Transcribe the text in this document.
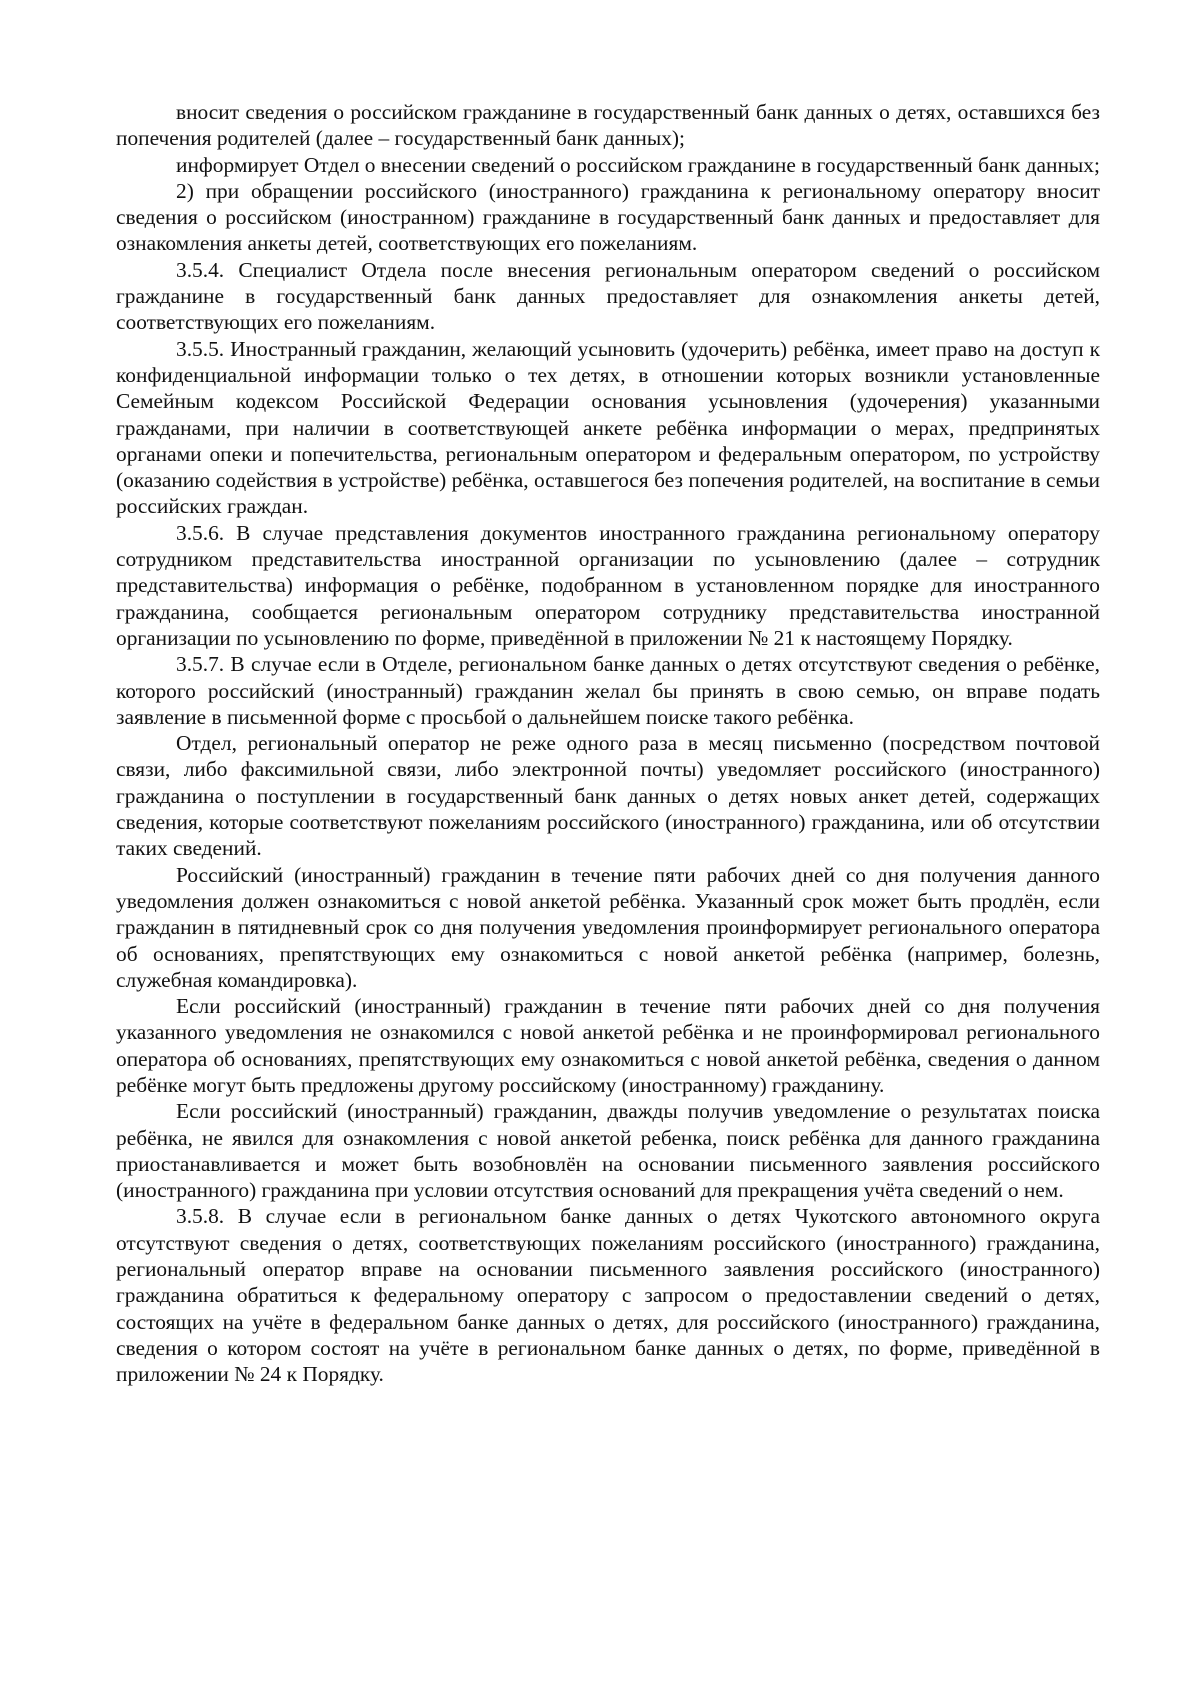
вносит сведения о российском гражданине в государственный банк данных о детях, оставшихся без попечения родителей (далее – государственный банк данных);

информирует Отдел о внесении сведений о российском гражданине в государственный банк данных;

2) при обращении российского (иностранного) гражданина к региональному оператору вносит сведения о российском (иностранном) гражданине в государственный банк данных и предоставляет для ознакомления анкеты детей, соответствующих его пожеланиям.

3.5.4. Специалист Отдела после внесения региональным оператором сведений о российском гражданине в государственный банк данных предоставляет для ознакомления анкеты детей, соответствующих его пожеланиям.

3.5.5. Иностранный гражданин, желающий усыновить (удочерить) ребёнка, имеет право на доступ к конфиденциальной информации только о тех детях, в отношении которых возникли установленные Семейным кодексом Российской Федерации основания усыновления (удочерения) указанными гражданами, при наличии в соответствующей анкете ребёнка информации о мерах, предпринятых органами опеки и попечительства, региональным оператором и федеральным оператором, по устройству (оказанию содействия в устройстве) ребёнка, оставшегося без попечения родителей, на воспитание в семьи российских граждан.

3.5.6. В случае представления документов иностранного гражданина региональному оператору сотрудником представительства иностранной организации по усыновлению (далее – сотрудник представительства) информация о ребёнке, подобранном в установленном порядке для иностранного гражданина, сообщается региональным оператором сотруднику представительства иностранной организации по усыновлению по форме, приведённой в приложении № 21 к настоящему Порядку.

3.5.7. В случае если в Отделе, региональном банке данных о детях отсутствуют сведения о ребёнке, которого российский (иностранный) гражданин желал бы принять в свою семью, он вправе подать заявление в письменной форме с просьбой о дальнейшем поиске такого ребёнка.

Отдел, региональный оператор не реже одного раза в месяц письменно (посредством почтовой связи, либо факсимильной связи, либо электронной почты) уведомляет российского (иностранного) гражданина о поступлении в государственный банк данных о детях новых анкет детей, содержащих сведения, которые соответствуют пожеланиям российского (иностранного) гражданина, или об отсутствии таких сведений.

Российский (иностранный) гражданин в течение пяти рабочих дней со дня получения данного уведомления должен ознакомиться с новой анкетой ребёнка. Указанный срок может быть продлён, если гражданин в пятидневный срок со дня получения уведомления проинформирует регионального оператора об основаниях, препятствующих ему ознакомиться с новой анкетой ребёнка (например, болезнь, служебная командировка).

Если российский (иностранный) гражданин в течение пяти рабочих дней со дня получения указанного уведомления не ознакомился с новой анкетой ребёнка и не проинформировал регионального оператора об основаниях, препятствующих ему ознакомиться с новой анкетой ребёнка, сведения о данном ребёнке могут быть предложены другому российскому (иностранному) гражданину.

Если российский (иностранный) гражданин, дважды получив уведомление о результатах поиска ребёнка, не явился для ознакомления с новой анкетой ребенка, поиск ребёнка для данного гражданина приостанавливается и может быть возобновлён на основании письменного заявления российского (иностранного) гражданина при условии отсутствия оснований для прекращения учёта сведений о нем.

3.5.8. В случае если в региональном банке данных о детях Чукотского автономного округа отсутствуют сведения о детях, соответствующих пожеланиям российского (иностранного) гражданина, региональный оператор вправе на основании письменного заявления российского (иностранного) гражданина обратиться к федеральному оператору с запросом о предоставлении сведений о детях, состоящих на учёте в федеральном банке данных о детях, для российского (иностранного) гражданина, сведения о котором состоят на учёте в региональном банке данных о детях, по форме, приведённой в приложении № 24 к Порядку.
